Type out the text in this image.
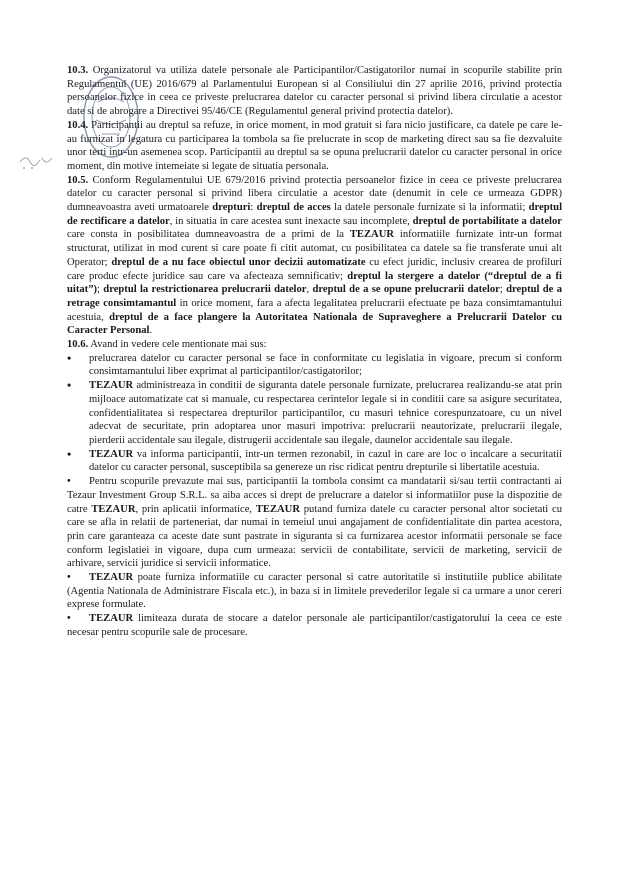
10.3. Organizatorul va utiliza datele personale ale Participantilor/Castigatorilor numai in scopurile stabilite prin Regulamentul (UE) 2016/679 al Parlamentului European si al Consiliului din 27 aprilie 2016, privind protectia persoanelor fizice in ceea ce priveste prelucrarea datelor cu caracter personal si privind libera circulatie a acestor date si de abrogare a Directivei 95/46/CE (Regulamentul general privind protectia datelor).

10.4. Participantii au dreptul sa refuze, in orice moment, in mod gratuit si fara nicio justificare, ca datele pe care le-au furnizat in legatura cu participarea la tombola sa fie prelucrate in scop de marketing direct sau sa fie dezvaluite unor terti intr-un asemenea scop. Participantii au dreptul sa se opuna prelucrarii datelor cu caracter personal in orice moment, din motive intemeiate si legate de situatia personala.

10.5. Conform Regulamentului UE 679/2016 privind protectia persoanelor fizice in ceea ce priveste prelucrarea datelor cu caracter personal si privind libera circulatie a acestor date (denumit in cele ce urmeaza GDPR) dumneavoastra aveti urmatoarele drepturi: dreptul de acces la datele personale furnizate si la informatii; dreptul de rectificare a datelor, in situatia in care acestea sunt inexacte sau incomplete, dreptul de portabilitate a datelor care consta in posibilitatea dumneavoastra de a primi de la TEZAUR informatiile furnizate intr-un format structurat, utilizat in mod curent si care poate fi citit automat, cu posibilitatea ca datele sa fie transferate unui alt Operator; dreptul de a nu face obiectul unor decizii automatizate cu efect juridic, inclusiv crearea de profiluri care produc efecte juridice sau care va afecteaza semnificativ; dreptul la stergere a datelor (“dreptul de a fi uitat”); dreptul la restrictionarea prelucrarii datelor, dreptul de a se opune prelucrarii datelor; dreptul de a retrage consimtamantul in orice moment, fara a afecta legalitatea prelucrarii efectuate pe baza consimtamantului acestuia, dreptul de a face plangere la Autoritatea Nationala de Supraveghere a Prelucrarii Datelor cu Caracter Personal.

10.6. Avand in vedere cele mentionate mai sus:

•	prelucrarea datelor cu caracter personal se face in conformitate cu legislatia in vigoare, precum si conform consimtamantului liber exprimat al participantilor/castigatorilor;
•	TEZAUR administreaza in conditii de siguranta datele personale furnizate, prelucrarea realizandu-se atat prin mijloace automatizate cat si manuale, cu respectarea cerintelor legale si in conditii care sa asigure securitatea, confidentialitatea si respectarea drepturilor participantilor, cu masuri tehnice corespunzatoare, cu un nivel adecvat de securitate, prin adoptarea unor masuri impotriva: prelucrarii neautorizate, prelucrarii ilegale, pierderii accidentale sau ilegale, distrugerii accidentale sau ilegale, daunelor accidentale sau ilegale.
•	TEZAUR va informa participantii, intr-un termen rezonabil, in cazul in care are loc o incalcare a securitatii datelor cu caracter personal, susceptibila sa genereze un risc ridicat pentru drepturile si libertatile acestuia.

• Pentru scopurile prevazute mai sus, participantii la tombola consimt ca mandatarii si/sau tertii contractanti ai Tezaur Investment Group S.R.L. sa aiba acces si drept de prelucrare a datelor si informatiilor puse la dispozitie de catre TEZAUR, prin aplicatii informatice, TEZAUR putand furniza datele cu caracter personal altor societati cu care se afla in relatii de parteneriat, dar numai in temeiul unui angajament de confidentialitate din partea acestora, prin care garanteaza ca aceste date sunt pastrate in siguranta si ca furnizarea acestor informatii personale se face conform legislatiei in vigoare, dupa cum urmeaza: servicii de contabilitate, servicii de marketing, servicii de arhivare, servicii juridice si servicii informatice.

• TEZAUR poate furniza informatiile cu caracter personal si catre autoritatile si institutiile publice abilitate (Agentia Nationala de Administrare Fiscala etc.), in baza si in limitele prevederilor legale si ca urmare a unor cereri exprese formulate.

• TEZAUR limiteaza durata de stocare a datelor personale ale participantilor/castigatorului la ceea ce este necesar pentru scopurile sale de procesare.
